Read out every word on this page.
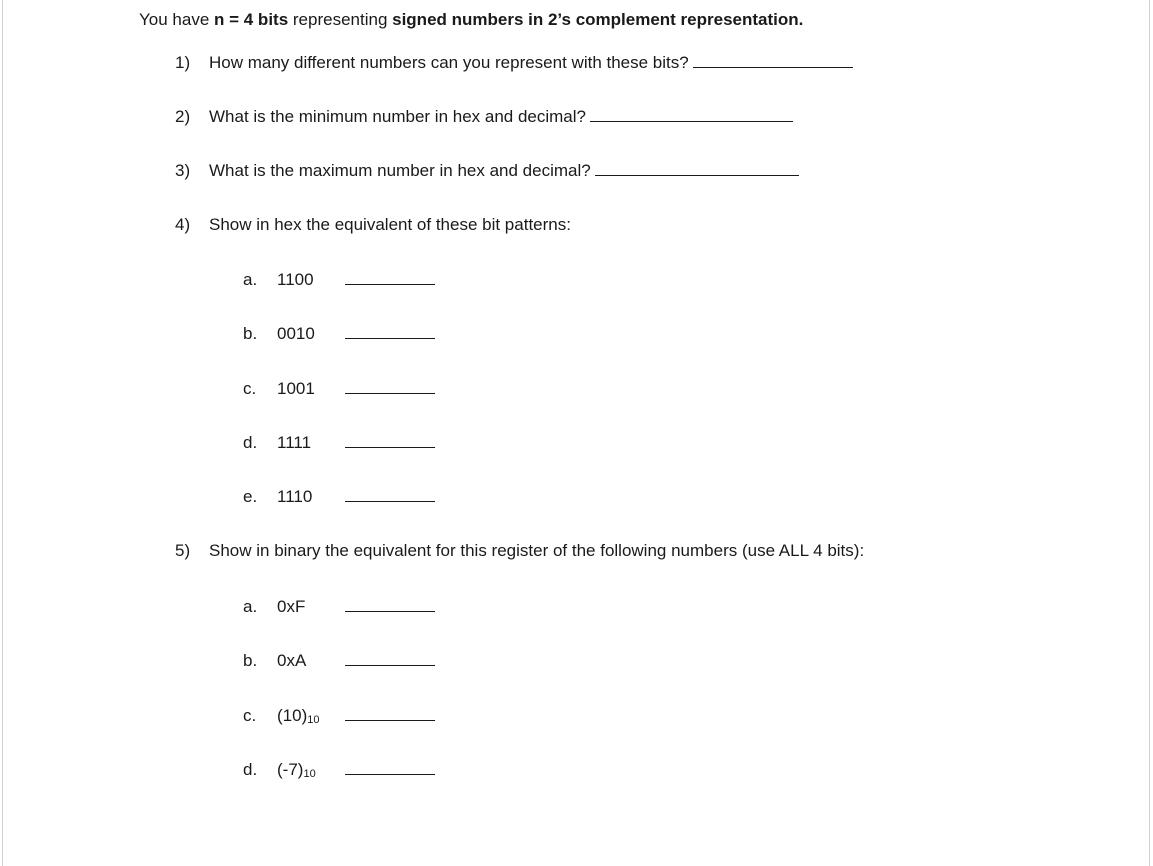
You have n = 4 bits representing signed numbers in 2’s complement representation.
1) How many different numbers can you represent with these bits?
2) What is the minimum number in hex and decimal?
3) What is the maximum number in hex and decimal?
4) Show in hex the equivalent of these bit patterns:
a. 1100
b. 0010
c. 1001
d. 1111
e. 1110
5) Show in binary the equivalent for this register of the following numbers (use ALL 4 bits):
a. 0xF
b. 0xA
c. $(10)_{10}$
d. $(-7)_{10}$
